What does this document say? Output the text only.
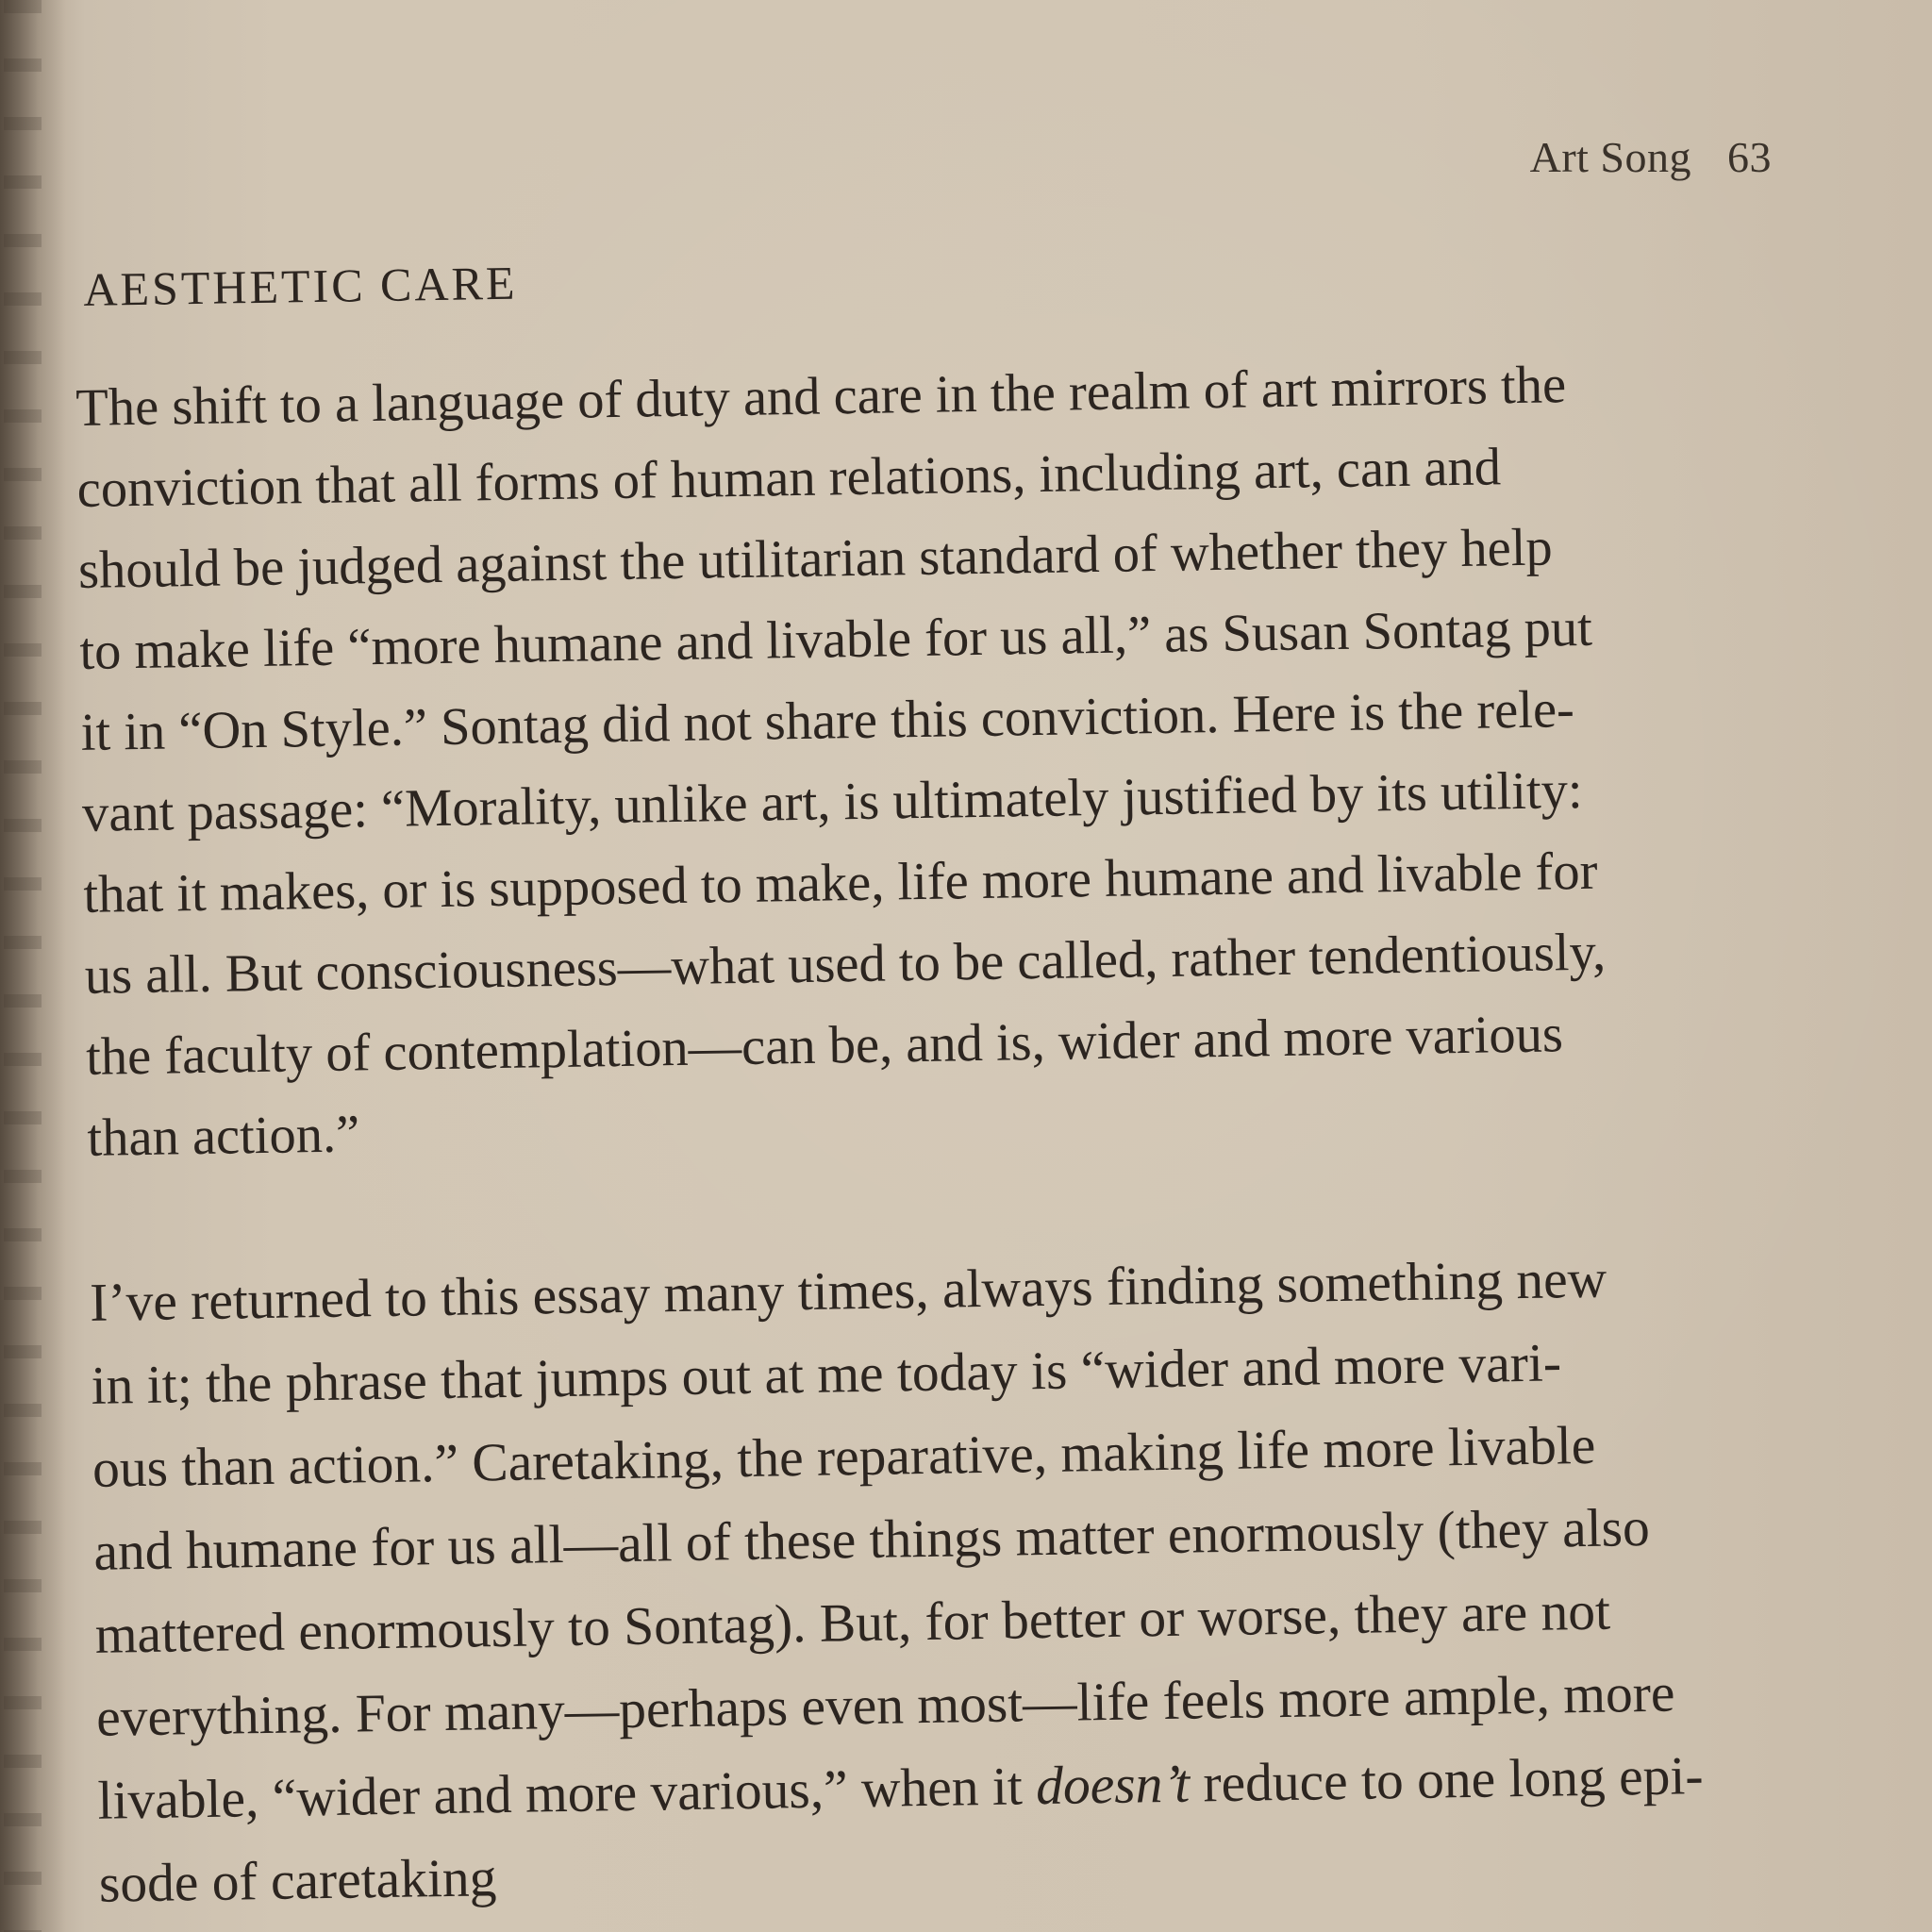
Art Song 63
AESTHETIC CARE
The shift to a language of duty and care in the realm of art mirrors the
conviction that all forms of human relations, including art, can and
should be judged against the utilitarian standard of whether they help
to make life “more humane and livable for us all,” as Susan Sontag put
it in “On Style.” Sontag did not share this conviction. Here is the rele-
vant passage: “Morality, unlike art, is ultimately justified by its utility:
that it makes, or is supposed to make, life more humane and livable for
us all. But consciousness—what used to be called, rather tendentiously,
the faculty of contemplation—can be, and is, wider and more various
than action.”
I’ve returned to this essay many times, always finding something new
in it; the phrase that jumps out at me today is “wider and more vari-
ous than action.” Caretaking, the reparative, making life more livable
and humane for us all—all of these things matter enormously (they also
mattered enormously to Sontag). But, for better or worse, they are not
everything. For many—perhaps even most—life feels more ample, more
livable, “wider and more various,” when it doesn’t reduce to one long epi-
sode of caretaking
